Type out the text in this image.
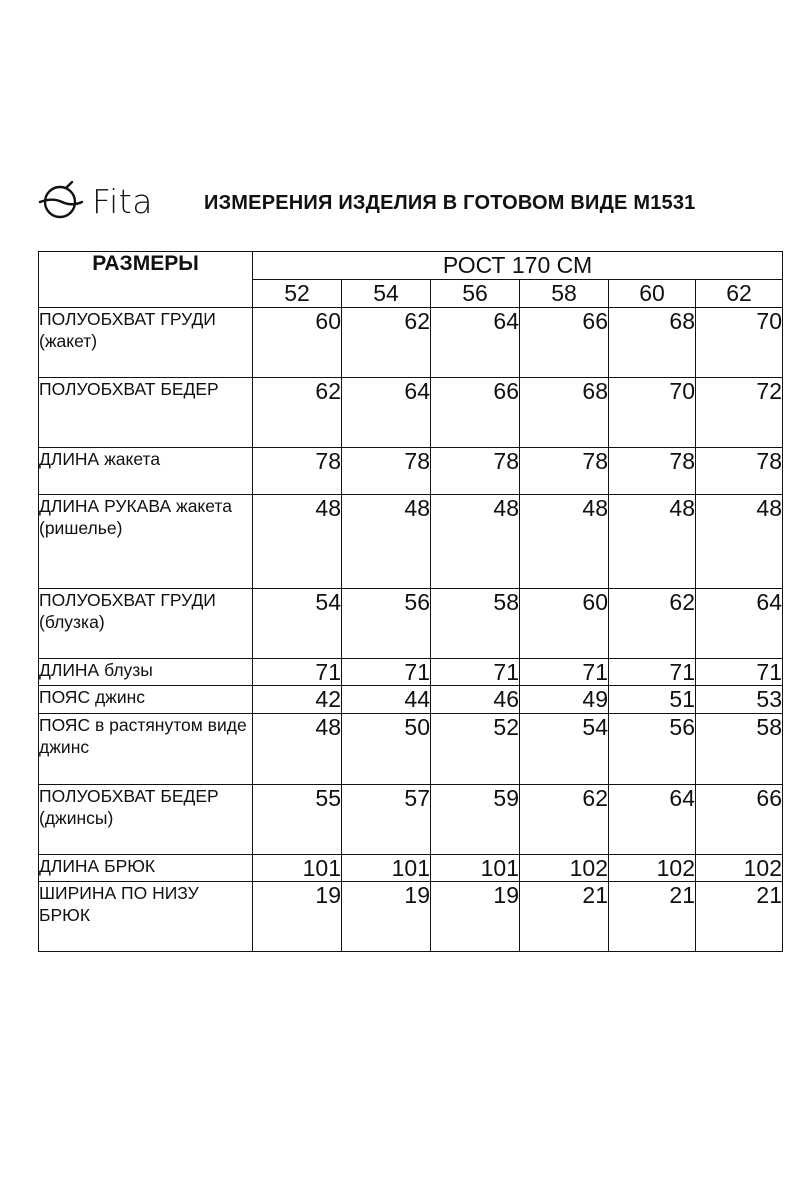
Fita	ИЗМЕРЕНИЯ ИЗДЕЛИЯ В ГОТОВОМ ВИДЕ М1531
РАЗМЕРЫ	РОСТ 170 СМ					
	52	54	56	58	60	62
ПОЛУОБХВАТ ГРУДИ (жакет)	60	62	64	66	68	70
ПОЛУОБХВАТ БЕДЕР	62	64	66	68	70	72
ДЛИНА жакета	78	78	78	78	78	78
ДЛИНА РУКАВА жакета (ришелье)	48	48	48	48	48	48
ПОЛУОБХВАТ ГРУДИ (блузка)	54	56	58	60	62	64
ДЛИНА блузы	71	71	71	71	71	71
ПОЯС джинс	42	44	46	49	51	53
ПОЯС в растянутом виде джинс	48	50	52	54	56	58
ПОЛУОБХВАТ БЕДЕР (джинсы)	55	57	59	62	64	66
ДЛИНА БРЮК	101	101	101	102	102	102
ШИРИНА ПО НИЗУ БРЮК	19	19	19	21	21	21
